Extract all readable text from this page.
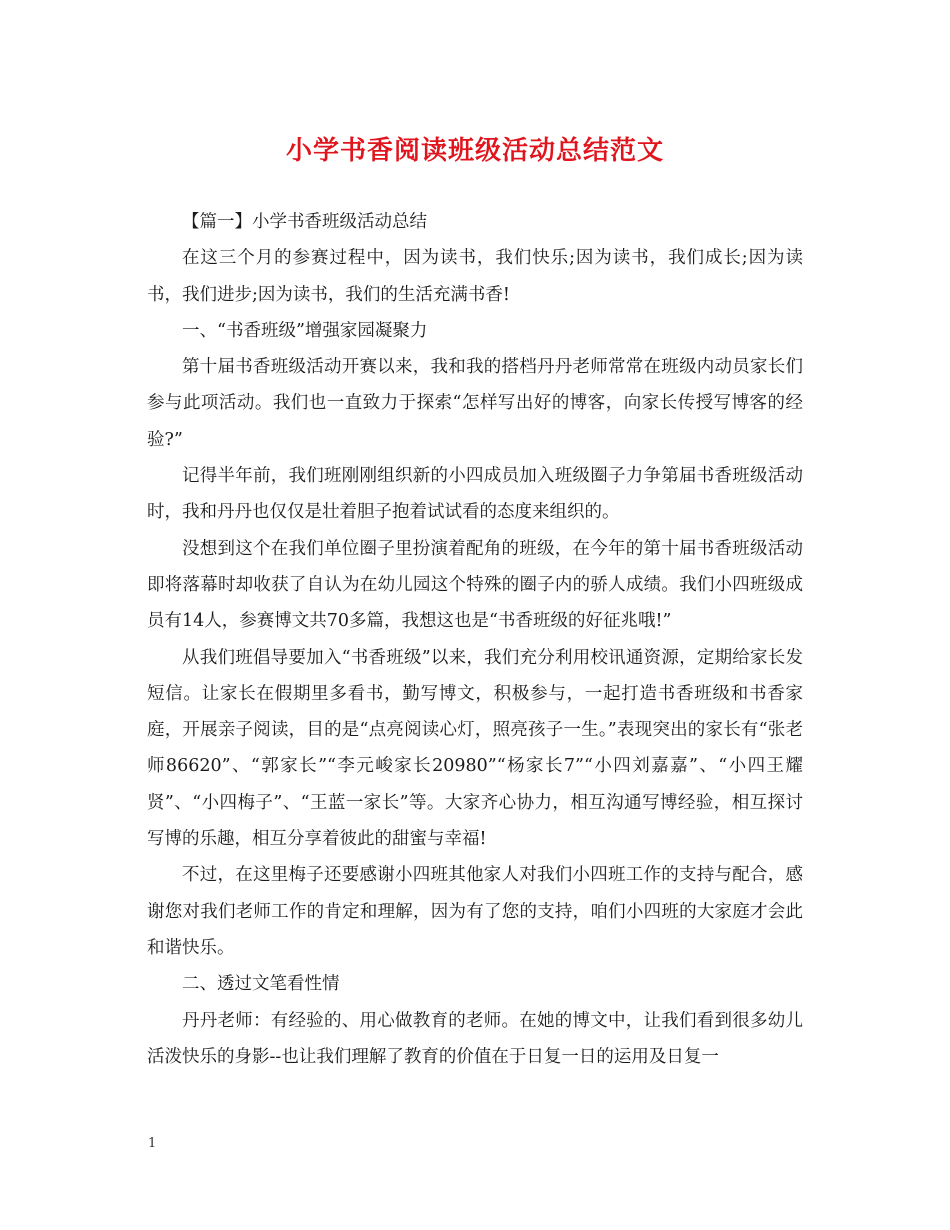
小学书香阅读班级活动总结范文

【篇一】小学书香班级活动总结

在这三个月的参赛过程中，因为读书，我们快乐;因为读书，我们成长;因为读书，我们进步;因为读书，我们的生活充满书香!

一、“书香班级”增强家园凝聚力

第十届书香班级活动开赛以来，我和我的搭档丹丹老师常常在班级内动员家长们参与此项活动。我们也一直致力于探索“怎样写出好的博客，向家长传授写博客的经验?”

记得半年前，我们班刚刚组织新的小四成员加入班级圈子力争第届书香班级活动时，我和丹丹也仅仅是壮着胆子抱着试试看的态度来组织的。

没想到这个在我们单位圈子里扮演着配角的班级，在今年的第十届书香班级活动即将落幕时却收获了自认为在幼儿园这个特殊的圈子内的骄人成绩。我们小四班级成员有14人，参赛博文共70多篇，我想这也是“书香班级的好征兆哦!”

从我们班倡导要加入“书香班级”以来，我们充分利用校讯通资源，定期给家长发短信。让家长在假期里多看书，勤写博文，积极参与，一起打造书香班级和书香家庭，开展亲子阅读，目的是“点亮阅读心灯，照亮孩子一生。”表现突出的家长有“张老师86620”、“郭家长”“李元峻家长20980”“杨家长7”“小四刘嘉嘉”、“小四王耀贤”、“小四梅子”、“王蓝一家长”等。大家齐心协力，相互沟通写博经验，相互探讨写博的乐趣，相互分享着彼此的甜蜜与幸福!

不过，在这里梅子还要感谢小四班其他家人对我们小四班工作的支持与配合，感谢您对我们老师工作的肯定和理解，因为有了您的支持，咱们小四班的大家庭才会此和谐快乐。

二、透过文笔看性情

丹丹老师：有经验的、用心做教育的老师。在她的博文中，让我们看到很多幼儿活泼快乐的身影--也让我们理解了教育的价值在于日复一日的运用及日复一

1
